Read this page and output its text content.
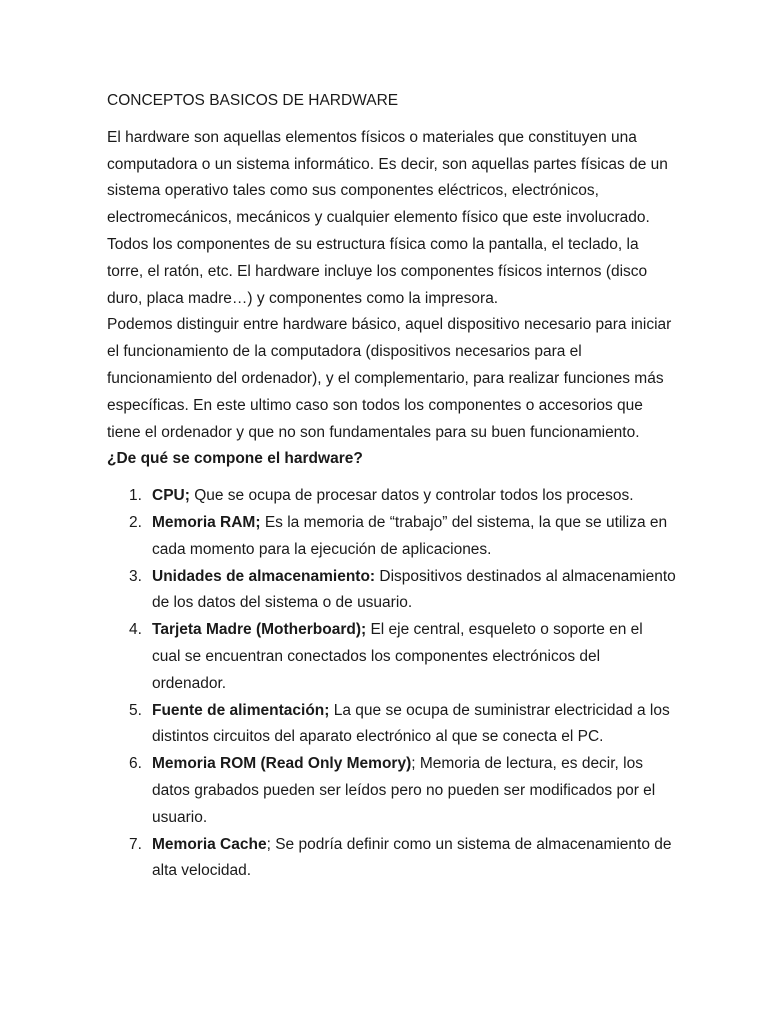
CONCEPTOS BASICOS DE HARDWARE

El hardware son aquellas elementos físicos o materiales que constituyen una
computadora o un sistema informático. Es decir, son aquellas partes físicas de un
sistema operativo tales como sus componentes eléctricos, electrónicos,
electromecánicos, mecánicos y cualquier elemento físico que este involucrado.
Todos los componentes de su estructura física como la pantalla, el teclado, la
torre, el ratón, etc. El hardware incluye los componentes físicos internos (disco
duro, placa madre…) y componentes como la impresora.

Podemos distinguir entre hardware básico, aquel dispositivo necesario para iniciar
el funcionamiento de la computadora (dispositivos necesarios para el
funcionamiento del ordenador), y el complementario, para realizar funciones más
específicas. En este ultimo caso son todos los componentes o accesorios que
tiene el ordenador y que no son fundamentales para su buen funcionamiento.

¿De qué se compone el hardware?

1. CPU; Que se ocupa de procesar datos y controlar todos los procesos.
2. Memoria RAM; Es la memoria de “trabajo” del sistema, la que se utiliza en
cada momento para la ejecución de aplicaciones.
3. Unidades de almacenamiento: Dispositivos destinados al almacenamiento
de los datos del sistema o de usuario.
4. Tarjeta Madre (Motherboard); El eje central, esqueleto o soporte en el
cual se encuentran conectados los componentes electrónicos del
ordenador.
5. Fuente de alimentación; La que se ocupa de suministrar electricidad a los
distintos circuitos del aparato electrónico al que se conecta el PC.
6. Memoria ROM (Read Only Memory); Memoria de lectura, es decir, los
datos grabados pueden ser leídos pero no pueden ser modificados por el
usuario.
7. Memoria Cache; Se podría definir como un sistema de almacenamiento de
alta velocidad.
